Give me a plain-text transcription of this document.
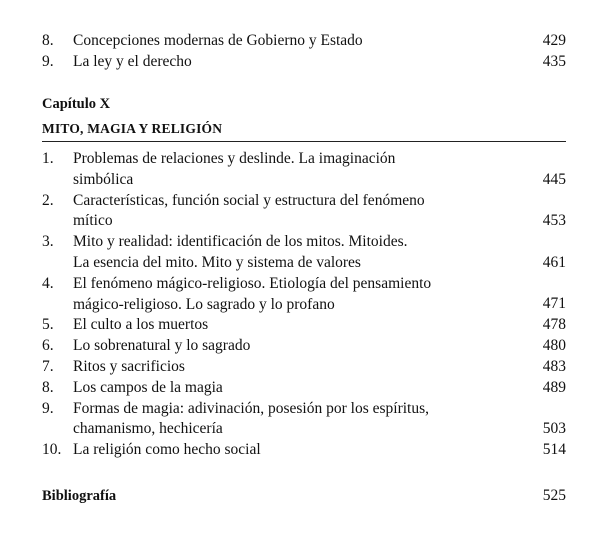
8. Concepciones modernas de Gobierno y Estado	429
9. La ley y el derecho	435
Capítulo X
MITO, MAGIA Y RELIGIÓN
1. Problemas de relaciones y deslinde. La imaginación
simbólica	445
2. Características, función social y estructura del fenómeno
mítico	453
3. Mito y realidad: identificación de los mitos. Mitoides.
La esencia del mito. Mito y sistema de valores	461
4. El fenómeno mágico-religioso. Etiología del pensamiento
mágico-religioso. Lo sagrado y lo profano	471
5. El culto a los muertos	478
6. Lo sobrenatural y lo sagrado	480
7. Ritos y sacrificios	483
8. Los campos de la magia	489
9. Formas de magia: adivinación, posesión por los espíritus,
chamanismo, hechicería	503
10. La religión como hecho social	514
Bibliografía	525
